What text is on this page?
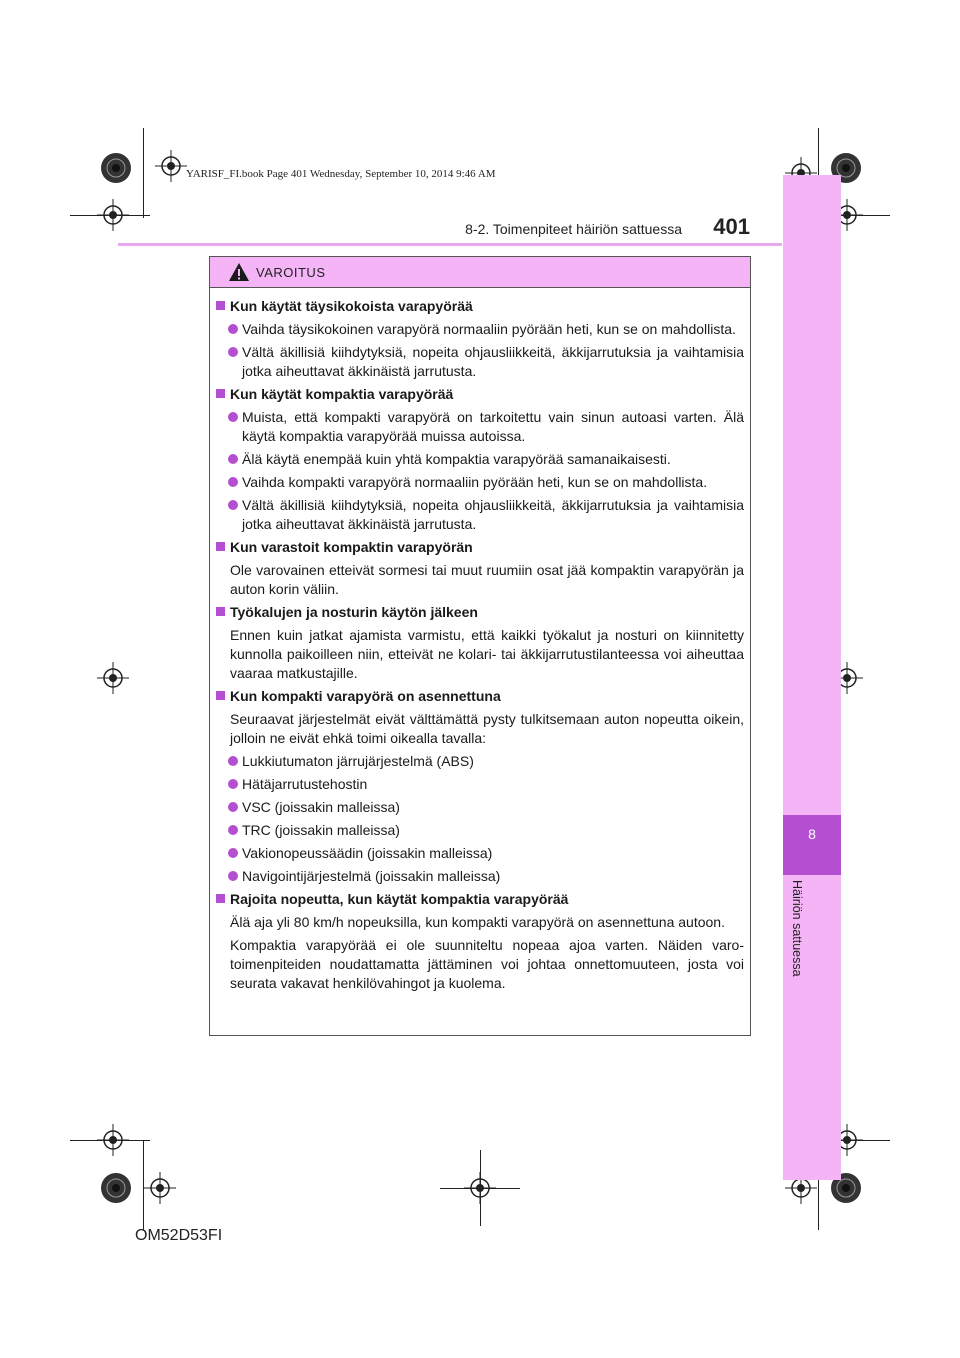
YARISF_FI.book Page 401 Wednesday, September 10, 2014 9:46 AM
8
Häiriön sattuessa
8-2. Toimenpiteet häiriön sattuessa	401
VAROITUS
Kun käytät täysikokoista varapyörää
Vaihda täysikokoinen varapyörä normaaliin pyörään heti, kun se on mahdollista.
Vältä äkillisiä kiihdytyksiä, nopeita ohjausliikkeitä, äkkijarrutuksia ja vaihtamisia jotka aiheuttavat äkkinäistä jarrutusta.
Kun käytät kompaktia varapyörää
Muista, että kompakti varapyörä on tarkoitettu vain sinun autoasi varten. Älä käytä kompaktia varapyörää muissa autoissa.
Älä käytä enempää kuin yhtä kompaktia varapyörää samanaikaisesti.
Vaihda kompakti varapyörä normaaliin pyörään heti, kun se on mahdollista.
Vältä äkillisiä kiihdytyksiä, nopeita ohjausliikkeitä, äkkijarrutuksia ja vaihtamisia jotka aiheuttavat äkkinäistä jarrutusta.
Kun varastoit kompaktin varapyörän
Ole varovainen etteivät sormesi tai muut ruumiin osat jää kompaktin varapyörän ja auton korin väliin.
Työkalujen ja nosturin käytön jälkeen
Ennen kuin jatkat ajamista varmistu, että kaikki työkalut ja nosturi on kiinnitetty kunnolla paikoilleen niin, etteivät ne kolari- tai äkkijarrutustilanteessa voi aiheuttaa vaaraa matkustajille.
Kun kompakti varapyörä on asennettuna
Seuraavat järjestelmät eivät välttämättä pysty tulkitsemaan auton nopeutta oikein, jolloin ne eivät ehkä toimi oikealla tavalla:
Lukkiutumaton järrujärjestelmä (ABS)
Hätäjarrutustehostin
VSC (joissakin malleissa)
TRC (joissakin malleissa)
Vakionopeussäädin (joissakin malleissa)
Navigointijärjestelmä (joissakin malleissa)
Rajoita nopeutta, kun käytät kompaktia varapyörää
Älä aja yli 80 km/h nopeuksilla, kun kompakti varapyörä on asennettuna autoon.
Kompaktia varapyörää ei ole suunniteltu nopeaa ajoa varten. Näiden varotoimenpiteiden noudattamatta jättäminen voi johtaa onnettomuuteen, josta voi seurata vakavat henkilövahingot ja kuolema.
OM52D53FI
